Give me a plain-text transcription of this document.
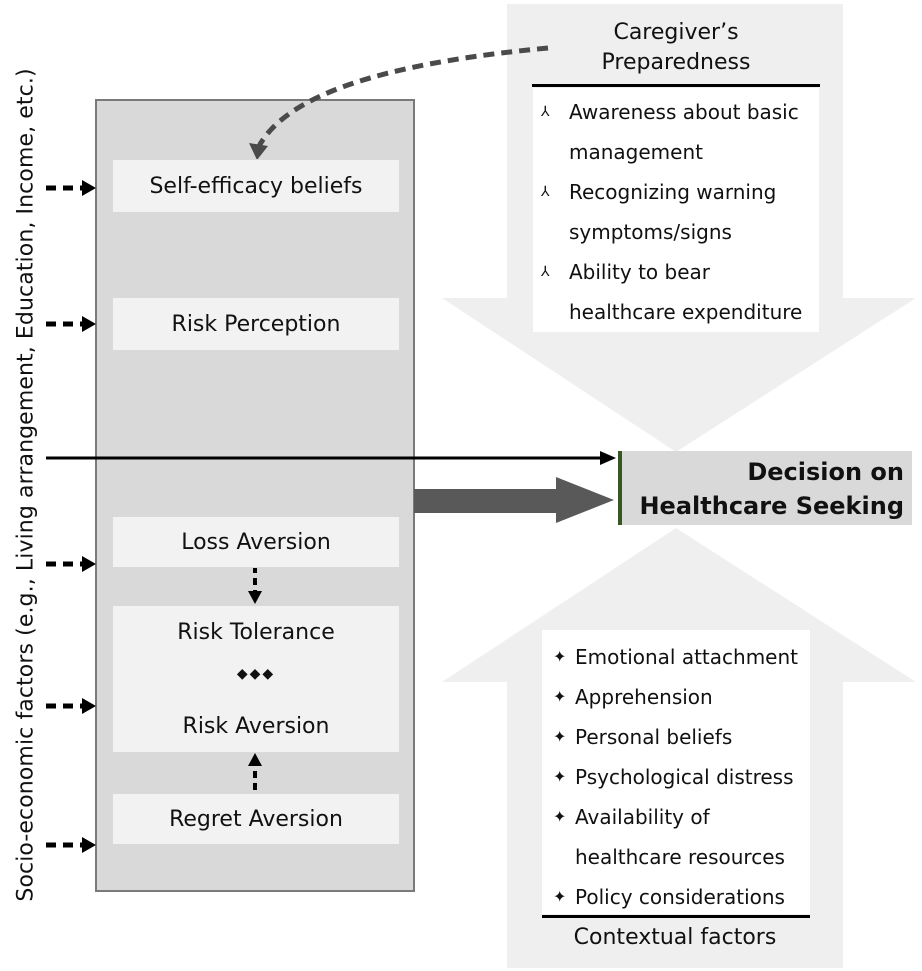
Socio-economic factors (e.g., Living arrangement, Education, Income, etc.)	Self-efficacy beliefs
Risk Perception
Loss Aversion
Risk Tolerance
◆◆◆
Risk Aversion
Regret Aversion
Caregiver’s
Preparedness
⅄ Awareness about basic
management
⅄ Recognizing warning
symptoms/signs
⅄ Ability to bear
healthcare expenditure
Decision on
Healthcare Seeking
✦ Emotional attachment
✦ Apprehension
✦ Personal beliefs
✦ Psychological distress
✦ Availability of
healthcare resources
✦ Policy considerations
Contextual factors
